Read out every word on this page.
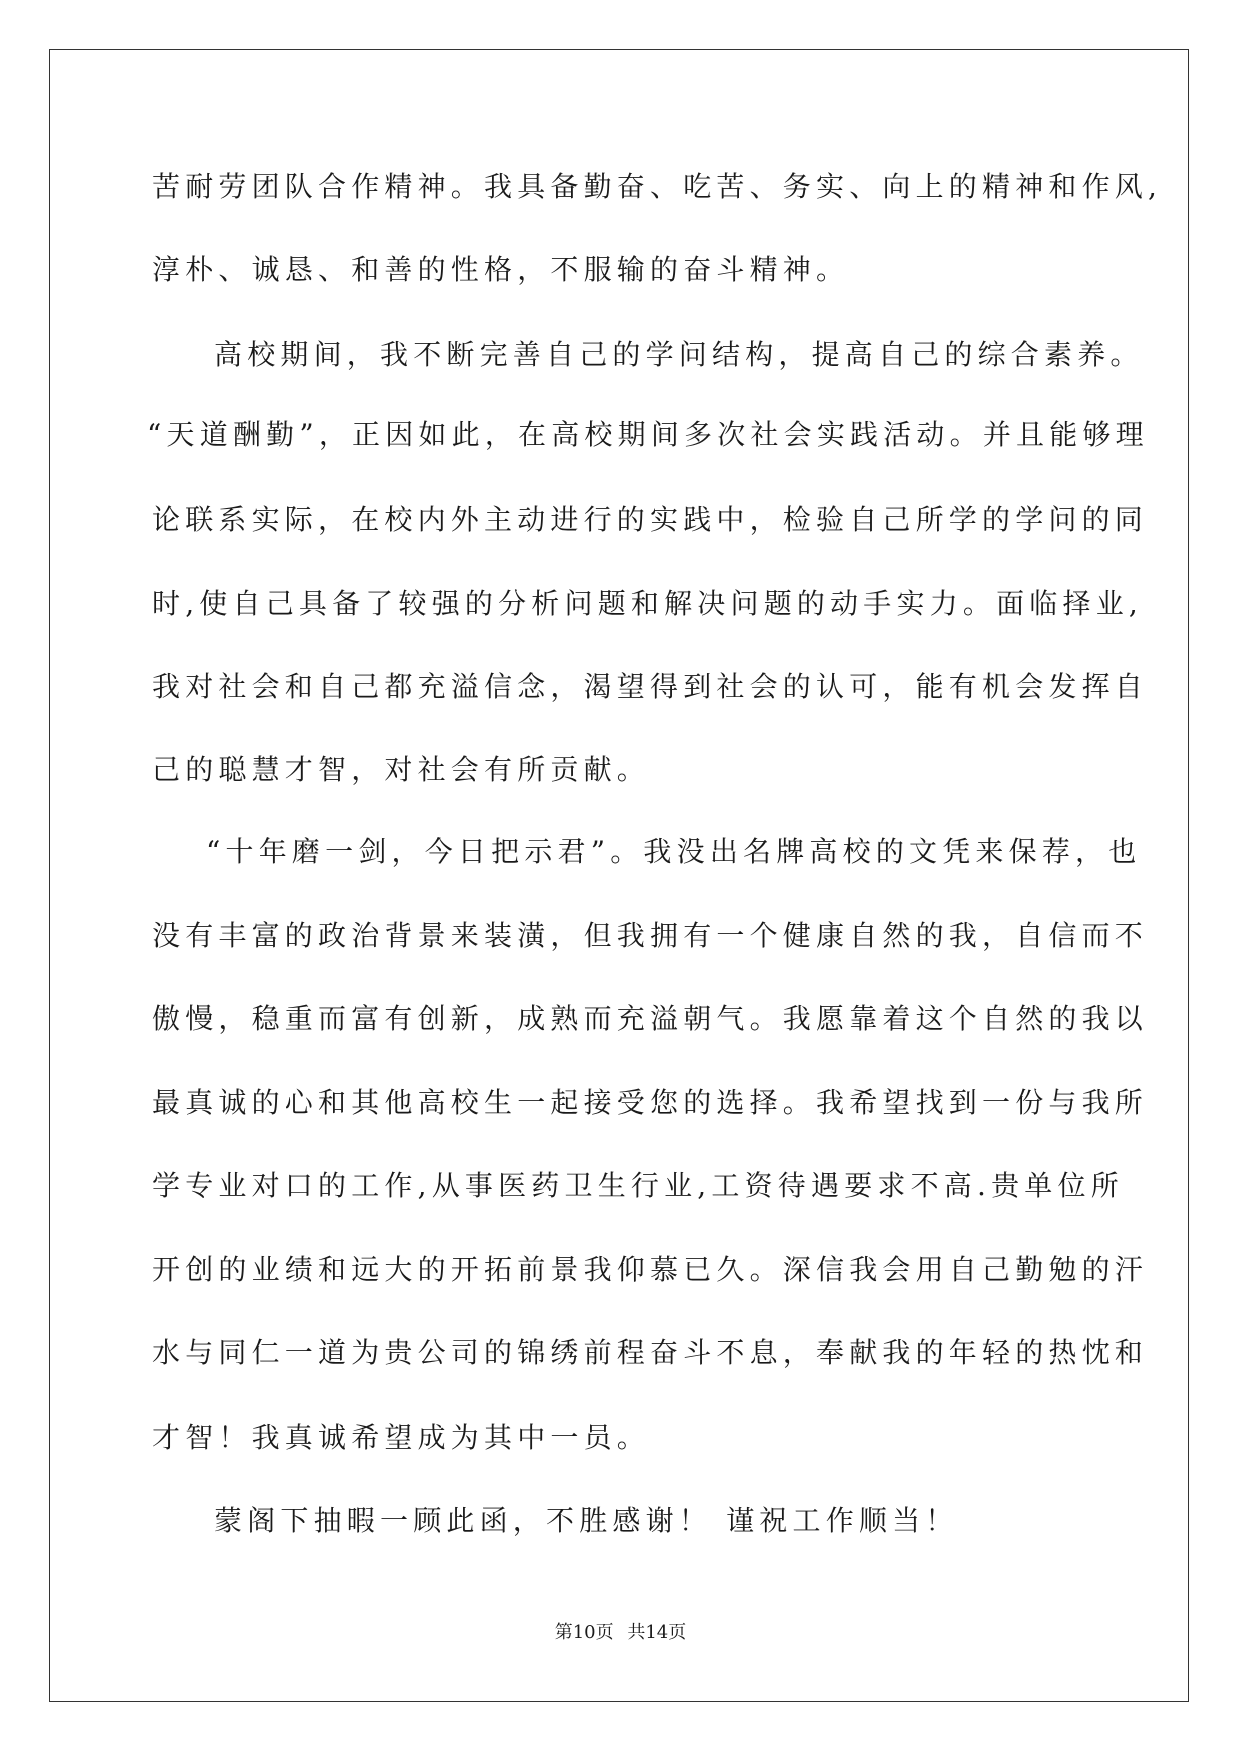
苦耐劳团队合作精神。我具备勤奋、吃苦、务实、向上的精神和作风,
淳朴、诚恳、和善的性格，不服输的奋斗精神。
高校期间，我不断完善自己的学问结构，提高自己的综合素养。
“天道酬勤”，正因如此，在高校期间多次社会实践活动。并且能够理
论联系实际，在校内外主动进行的实践中，检验自己所学的学问的同
时,使自己具备了较强的分析问题和解决问题的动手实力。面临择业,
我对社会和自己都充溢信念，渴望得到社会的认可，能有机会发挥自
己的聪慧才智，对社会有所贡献。
“十年磨一剑，今日把示君”。我没出名牌高校的文凭来保荐，也
没有丰富的政治背景来装潢，但我拥有一个健康自然的我，自信而不
傲慢，稳重而富有创新，成熟而充溢朝气。我愿靠着这个自然的我以
最真诚的心和其他高校生一起接受您的选择。我希望找到一份与我所
学专业对口的工作,从事医药卫生行业,工资待遇要求不高.贵单位所
开创的业绩和远大的开拓前景我仰慕已久。深信我会用自己勤勉的汗
水与同仁一道为贵公司的锦绣前程奋斗不息，奉献我的年轻的热忱和
才智！我真诚希望成为其中一员。
蒙阁下抽暇一顾此函，不胜感谢！ 谨祝工作顺当！
第10页 共14页
